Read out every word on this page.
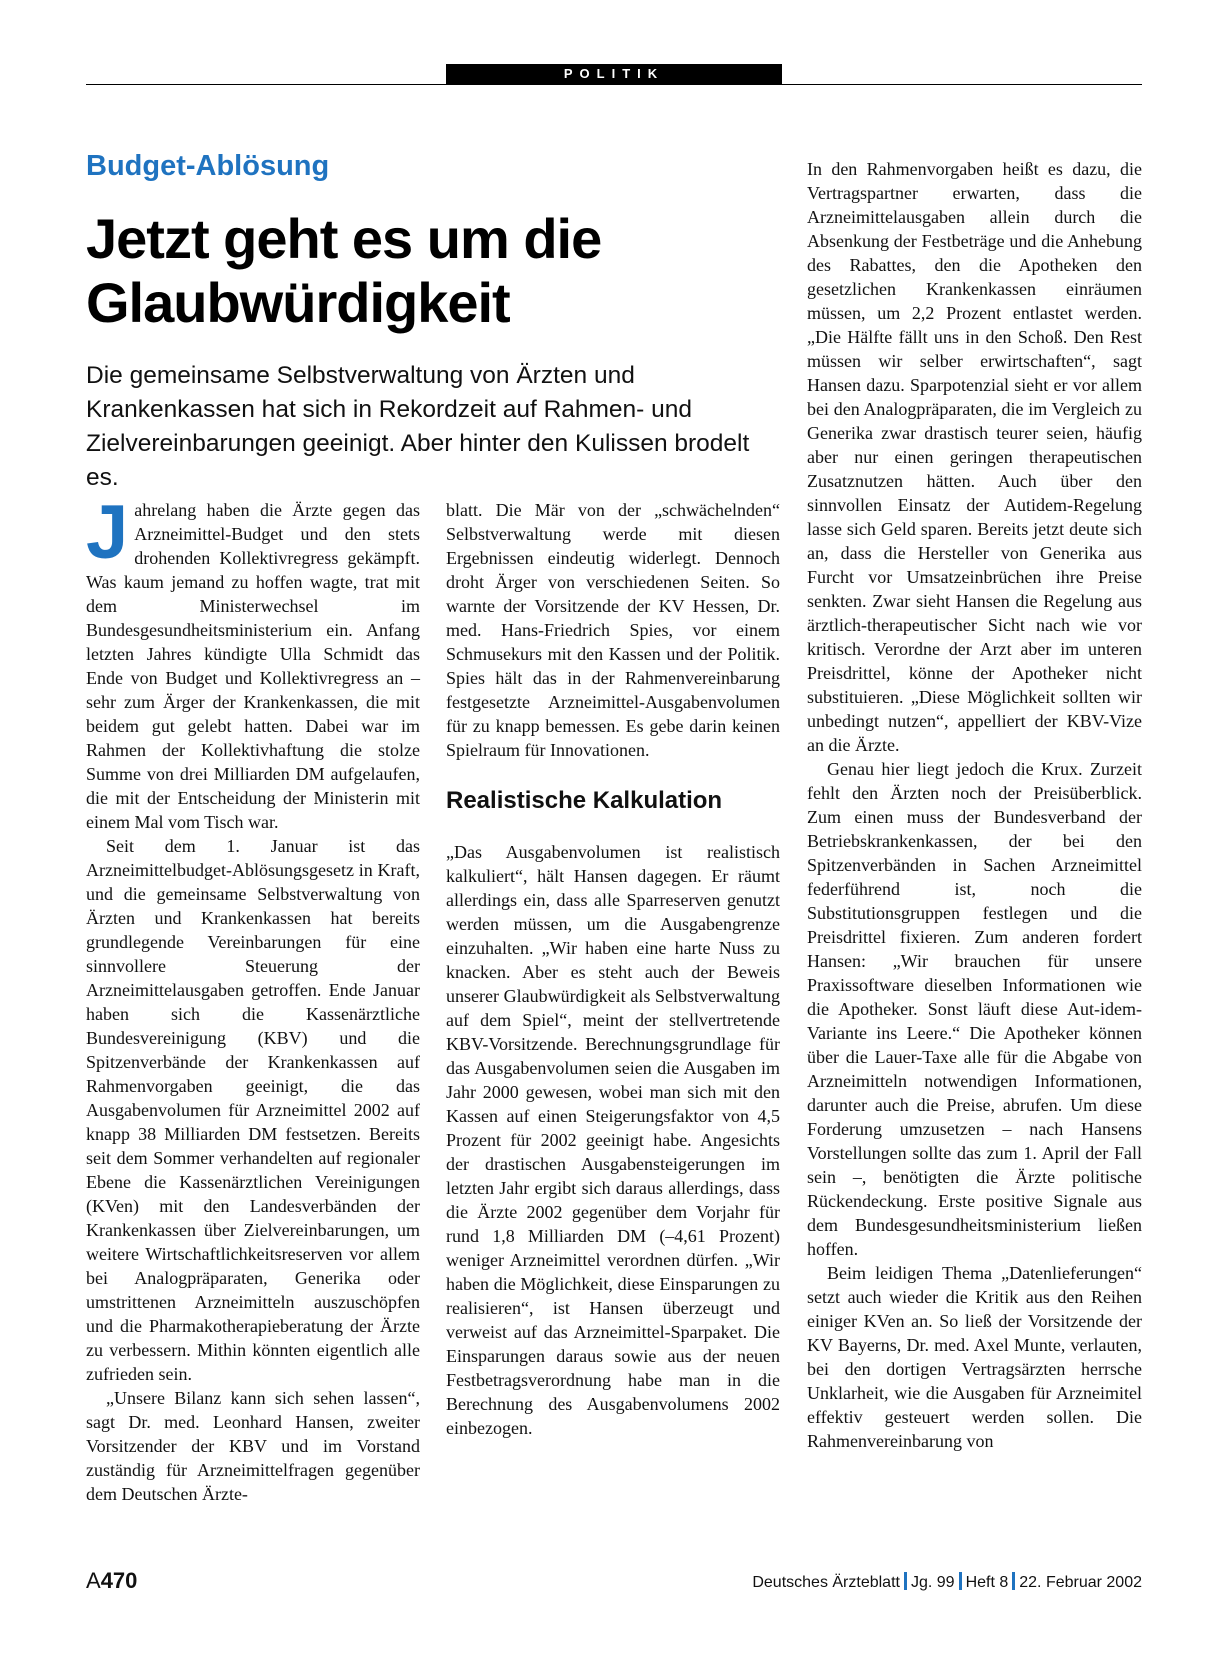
POLITIK
Budget-Ablösung
Jetzt geht es um die Glaubwürdigkeit

Die gemeinsame Selbstverwaltung von Ärzten und Krankenkassen hat sich in Rekordzeit auf Rahmen- und Zielvereinbarungen geeinigt. Aber hinter den Kulissen brodelt es.

Jahrelang haben die Ärzte gegen das Arzneimittel-Budget und den stets drohenden Kollektivregress gekämpft. Was kaum jemand zu hoffen wagte, trat mit dem Ministerwechsel im Bundesgesundheitsministerium ein. Anfang letzten Jahres kündigte Ulla Schmidt das Ende von Budget und Kollektivregress an – sehr zum Ärger der Krankenkassen, die mit beidem gut gelebt hatten. Dabei war im Rahmen der Kollektivhaftung die stolze Summe von drei Milliarden DM aufgelaufen, die mit der Entscheidung der Ministerin mit einem Mal vom Tisch war.

Seit dem 1. Januar ist das Arzneimittelbudget-Ablösungsgesetz in Kraft, und die gemeinsame Selbstverwaltung von Ärzten und Krankenkassen hat bereits grundlegende Vereinbarungen für eine sinnvollere Steuerung der Arzneimittelausgaben getroffen. Ende Januar haben sich die Kassenärztliche Bundesvereinigung (KBV) und die Spitzenverbände der Krankenkassen auf Rahmenvorgaben geeinigt, die das Ausgabenvolumen für Arzneimittel 2002 auf knapp 38 Milliarden DM festsetzen. Bereits seit dem Sommer verhandelten auf regionaler Ebene die Kassenärztlichen Vereinigungen (KVen) mit den Landesverbänden der Krankenkassen über Zielvereinbarungen, um weitere Wirtschaftlichkeitsreserven vor allem bei Analogpräparaten, Generika oder umstrittenen Arzneimitteln auszuschöpfen und die Pharmakotherapieberatung der Ärzte zu verbessern. Mithin könnten eigentlich alle zufrieden sein.

„Unsere Bilanz kann sich sehen lassen“, sagt Dr. med. Leonhard Hansen, zweiter Vorsitzender der KBV und im Vorstand zuständig für Arzneimittelfragen gegenüber dem Deutschen Ärzte-

blatt. Die Mär von der „schwächelnden“ Selbstverwaltung werde mit diesen Ergebnissen eindeutig widerlegt. Dennoch droht Ärger von verschiedenen Seiten. So warnte der Vorsitzende der KV Hessen, Dr. med. Hans-Friedrich Spies, vor einem Schmusekurs mit den Kassen und der Politik. Spies hält das in der Rahmenvereinbarung festgesetzte Arzneimittel-Ausgabenvolumen für zu knapp bemessen. Es gebe darin keinen Spielraum für Innovationen.

Realistische Kalkulation

„Das Ausgabenvolumen ist realistisch kalkuliert“, hält Hansen dagegen. Er räumt allerdings ein, dass alle Sparreserven genutzt werden müssen, um die Ausgabengrenze einzuhalten. „Wir haben eine harte Nuss zu knacken. Aber es steht auch der Beweis unserer Glaubwürdigkeit als Selbstverwaltung auf dem Spiel“, meint der stellvertretende KBV-Vorsitzende. Berechnungsgrundlage für das Ausgabenvolumen seien die Ausgaben im Jahr 2000 gewesen, wobei man sich mit den Kassen auf einen Steigerungsfaktor von 4,5 Prozent für 2002 geeinigt habe. Angesichts der drastischen Ausgabensteigerungen im letzten Jahr ergibt sich daraus allerdings, dass die Ärzte 2002 gegenüber dem Vorjahr für rund 1,8 Milliarden DM (–4,61 Prozent) weniger Arzneimittel verordnen dürfen. „Wir haben die Möglichkeit, diese Einsparungen zu realisieren“, ist Hansen überzeugt und verweist auf das Arzneimittel-Sparpaket. Die Einsparungen daraus sowie aus der neuen Festbetragsverordnung habe man in die Berechnung des Ausgabenvolumens 2002 einbezogen.

In den Rahmenvorgaben heißt es dazu, die Vertragspartner erwarten, dass die Arzneimittelausgaben allein durch die Absenkung der Festbeträge und die Anhebung des Rabattes, den die Apotheken den gesetzlichen Krankenkassen einräumen müssen, um 2,2 Prozent entlastet werden. „Die Hälfte fällt uns in den Schoß. Den Rest müssen wir selber erwirtschaften“, sagt Hansen dazu. Sparpotenzial sieht er vor allem bei den Analogpräparaten, die im Vergleich zu Generika zwar drastisch teurer seien, häufig aber nur einen geringen therapeutischen Zusatznutzen hätten. Auch über den sinnvollen Einsatz der Autidem-Regelung lasse sich Geld sparen. Bereits jetzt deute sich an, dass die Hersteller von Generika aus Furcht vor Umsatzeinbrüchen ihre Preise senkten. Zwar sieht Hansen die Regelung aus ärztlich-therapeutischer Sicht nach wie vor kritisch. Verordne der Arzt aber im unteren Preisdrittel, könne der Apotheker nicht substituieren. „Diese Möglichkeit sollten wir unbedingt nutzen“, appelliert der KBV-Vize an die Ärzte.

Genau hier liegt jedoch die Krux. Zurzeit fehlt den Ärzten noch der Preisüberblick. Zum einen muss der Bundesverband der Betriebskrankenkassen, der bei den Spitzenverbänden in Sachen Arzneimittel federführend ist, noch die Substitutionsgruppen festlegen und die Preisdrittel fixieren. Zum anderen fordert Hansen: „Wir brauchen für unsere Praxissoftware dieselben Informationen wie die Apotheker. Sonst läuft diese Aut-idem-Variante ins Leere.“ Die Apotheker können über die Lauer-Taxe alle für die Abgabe von Arzneimitteln notwendigen Informationen, darunter auch die Preise, abrufen. Um diese Forderung umzusetzen – nach Hansens Vorstellungen sollte das zum 1. April der Fall sein –, benötigten die Ärzte politische Rückendeckung. Erste positive Signale aus dem Bundesgesundheitsministerium ließen hoffen.

Beim leidigen Thema „Datenlieferungen“ setzt auch wieder die Kritik aus den Reihen einiger KVen an. So ließ der Vorsitzende der KV Bayerns, Dr. med. Axel Munte, verlauten, bei den dortigen Vertragsärzten herrsche Unklarheit, wie die Ausgaben für Arzneimitel effektiv gesteuert werden sollen. Die Rahmenvereinbarung von

A470	Deutsches Ärzteblatt Jg. 99 Heft 8 22. Februar 2002
